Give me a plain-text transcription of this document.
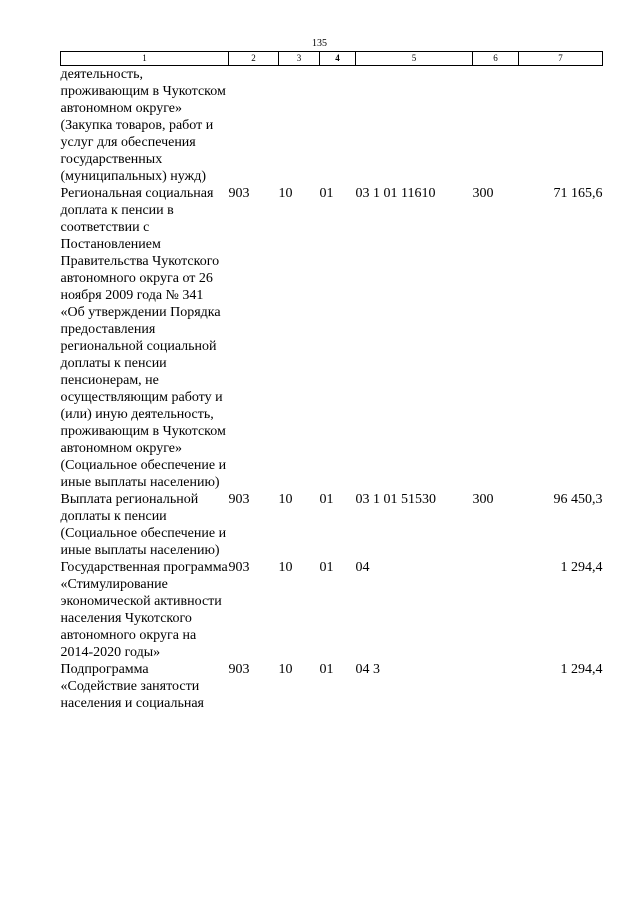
135
1	2	3	4	5	6	7
деятельность, проживающим в Чукотском автономном округе» (Закупка товаров, работ и услуг для обеспечения государственных (муниципальных) нужд)						
Региональная социальная доплата к пенсии в соответствии с Постановлением Правительства Чукотского автономного округа от 26 ноября 2009 года № 341 «Об утверждении Порядка предоставления региональной социальной доплаты к пенсии пенсионерам, не осуществляющим работу и (или) иную деятельность, проживающим в Чукотском автономном округе» (Социальное обеспечение и иные выплаты населению)	903	10	01	03 1 01 11610	300	71 165,6
Выплата региональной доплаты к пенсии (Социальное обеспечение и иные выплаты населению)	903	10	01	03 1 01 51530	300	96 450,3
Государственная программа «Стимулирование экономической активности населения Чукотского автономного округа на 2014-2020 годы»	903	10	01	04		1 294,4
Подпрограмма «Содействие занятости населения и социальная	903	10	01	04 3		1 294,4
